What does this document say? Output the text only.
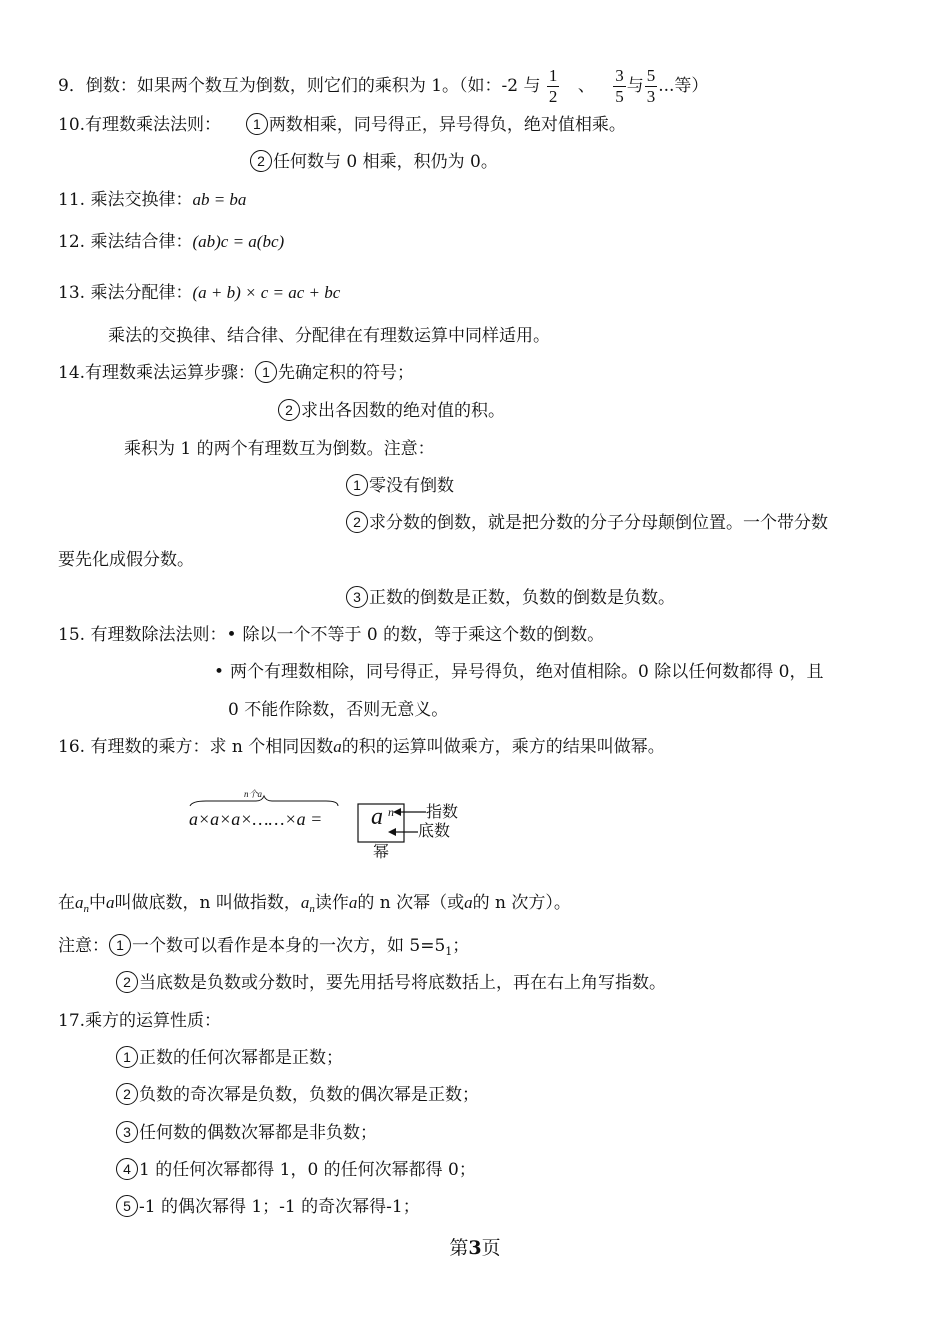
9．倒数：如果两个数互为倒数，则它们的乘积为 1。（如：-2 与 $\frac{1}{2}$ 、 $\frac{3}{5}$ 与 $\frac{5}{3}$ ...等）
10.有理数乘法法则： 1 两数相乘，同号得正，异号得负，绝对值相乘。
2 任何数与 0 相乘，积仍为 0。
11. 乘法交换律：ab = ba
12. 乘法结合律：(ab)c = a(bc)
13. 乘法分配律：(a + b) × c = ac + bc
乘法的交换律、结合律、分配律在有理数运算中同样适用。
14.有理数乘法运算步骤： 1 先确定积的符号；
2 求出各因数的绝对值的积。
乘积为 1 的两个有理数互为倒数。注意：
1 零没有倒数
2 求分数的倒数，就是把分数的分子分母颠倒位置。一个带分数
要先化成假分数。
3 正数的倒数是正数，负数的倒数是负数。
15. 有理数除法法则：• 除以一个不等于 0 的数，等于乘这个数的倒数。
• 两个有理数相除，同号得正，异号得负，绝对值相除。0 除以任何数都得 0，且
0 不能作除数，否则无意义。
16. 有理数的乘方：求 n 个相同因数a的积的运算叫做乘方，乘方的结果叫做幂。
n个a
a×a×a×……×a = a n 指数
底数
幂
在$a_n$中a叫做底数，n 叫做指数，$a_n$读作a的 n 次幂（或a的 n 次方）。
注意： 1 一个数可以看作是本身的一次方，如 $5=5_1$；
2 当底数是负数或分数时，要先用括号将底数括上，再在右上角写指数。
17.乘方的运算性质：
1 正数的任何次幂都是正数；
2 负数的奇次幂是负数，负数的偶次幂是正数；
3 任何数的偶数次幂都是非负数；
4 1 的任何次幂都得 1，0 的任何次幂都得 0；
5 -1 的偶次幂得 1；-1 的奇次幂得-1；
第3页
